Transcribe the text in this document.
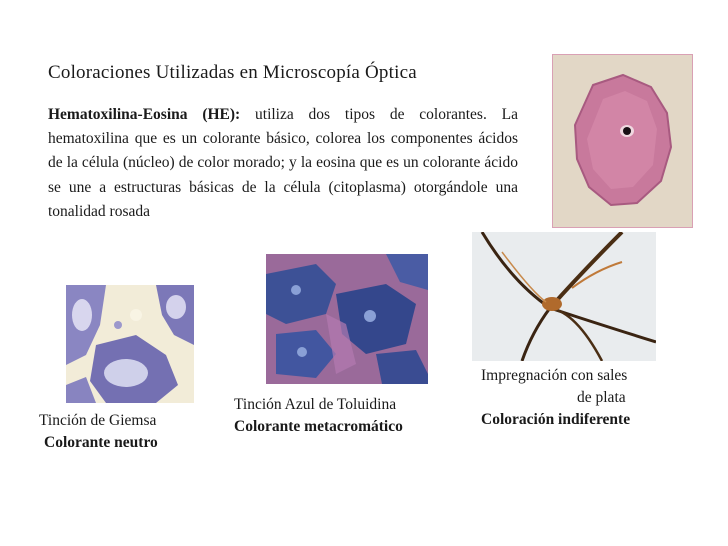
Coloraciones Utilizadas en Microscopía Óptica
Hematoxilina-Eosina (HE): utiliza dos tipos de colorantes. La hematoxilina que es un colorante básico, colorea los componentes ácidos de la célula (núcleo) de color morado; y la eosina que es un colorante ácido se une a estructuras básicas de la célula (citoplasma) otorgándole una tonalidad rosada
Tinción de Giemsa
Colorante neutro
Tinción Azul de Toluidina
Colorante metacromático
Impregnación con sales
de plata
Coloración indiferente
